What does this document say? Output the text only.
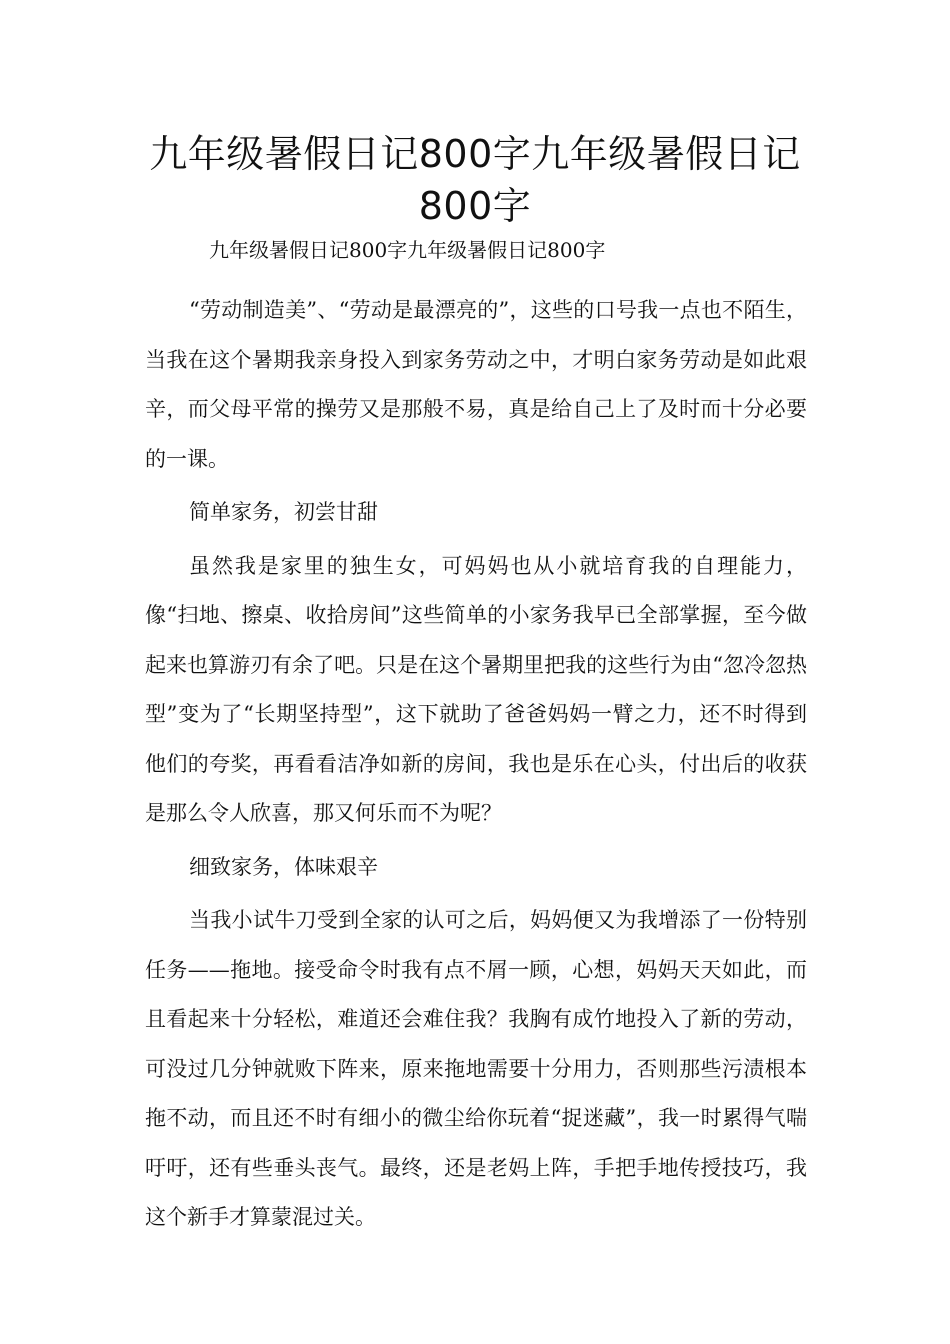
九年级暑假日记800字九年级暑假日记800字

九年级暑假日记800字九年级暑假日记800字

“劳动制造美”、“劳动是最漂亮的”，这些的口号我一点也不陌生，当我在这个暑期我亲身投入到家务劳动之中，才明白家务劳动是如此艰辛，而父母平常的操劳又是那般不易，真是给自己上了及时而十分必要的一课。

简单家务，初尝甘甜

虽然我是家里的独生女，可妈妈也从小就培育我的自理能力，像“扫地、擦桌、收拾房间”这些简单的小家务我早已全部掌握，至今做起来也算游刃有余了吧。只是在这个暑期里把我的这些行为由“忽冷忽热型”变为了“长期坚持型”，这下就助了爸爸妈妈一臂之力，还不时得到他们的夸奖，再看看洁净如新的房间，我也是乐在心头，付出后的收获是那么令人欣喜，那又何乐而不为呢？

细致家务，体味艰辛

当我小试牛刀受到全家的认可之后，妈妈便又为我增添了一份特别任务——拖地。接受命令时我有点不屑一顾，心想，妈妈天天如此，而且看起来十分轻松，难道还会难住我？我胸有成竹地投入了新的劳动，可没过几分钟就败下阵来，原来拖地需要十分用力，否则那些污渍根本拖不动，而且还不时有细小的微尘给你玩着“捉迷藏”，我一时累得气喘吁吁，还有些垂头丧气。最终，还是老妈上阵，手把手地传授技巧，我这个新手才算蒙混过关。
